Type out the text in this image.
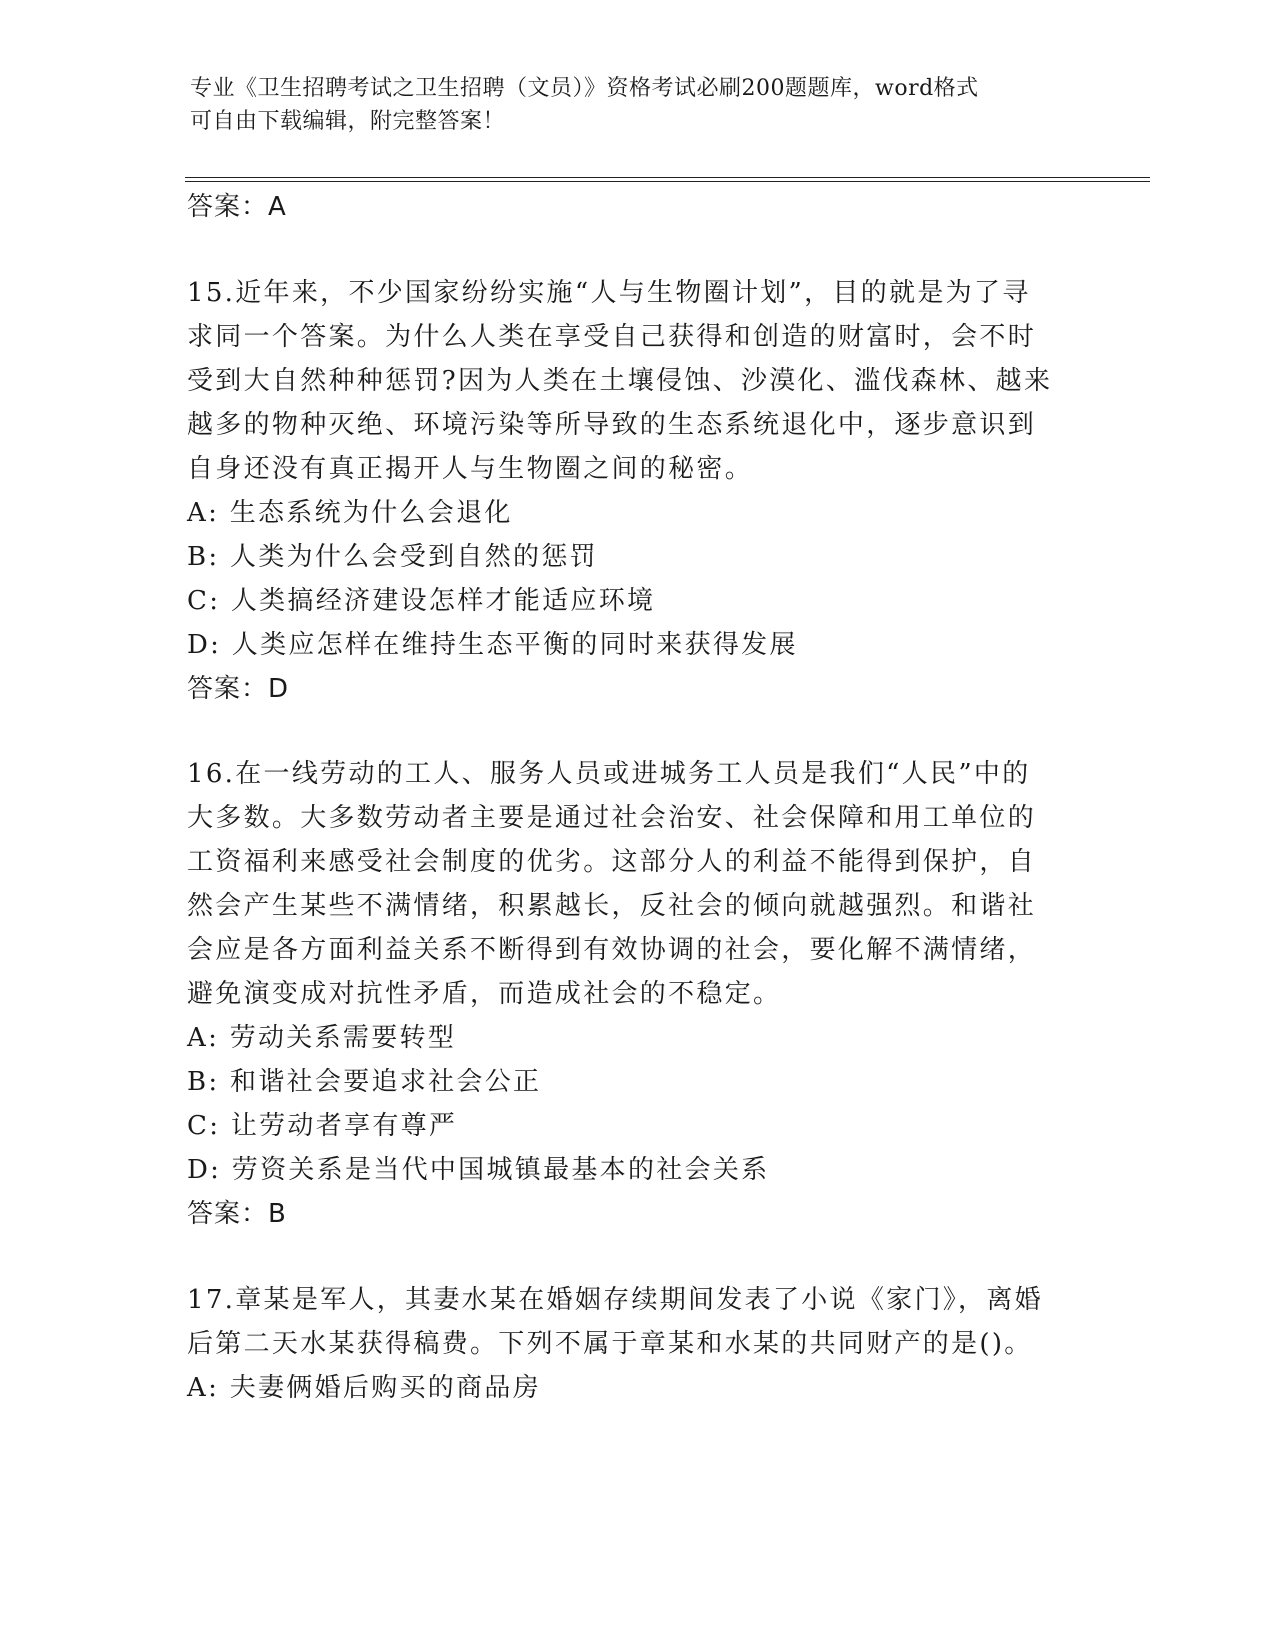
专业《卫生招聘考试之卫生招聘（文员）》资格考试必刷200题题库，word格式
可自由下载编辑，附完整答案！
答案：A
15.近年来，不少国家纷纷实施“人与生物圈计划”，目的就是为了寻
求同一个答案。为什么人类在享受自己获得和创造的财富时，会不时
受到大自然种种惩罚?因为人类在土壤侵蚀、沙漠化、滥伐森林、越来
越多的物种灭绝、环境污染等所导致的生态系统退化中，逐步意识到
自身还没有真正揭开人与生物圈之间的秘密。
A: 生态系统为什么会退化
B: 人类为什么会受到自然的惩罚
C: 人类搞经济建设怎样才能适应环境
D: 人类应怎样在维持生态平衡的同时来获得发展
答案：D
16.在一线劳动的工人、服务人员或进城务工人员是我们“人民”中的
大多数。大多数劳动者主要是通过社会治安、社会保障和用工单位的
工资福利来感受社会制度的优劣。这部分人的利益不能得到保护，自
然会产生某些不满情绪，积累越长，反社会的倾向就越强烈。和谐社
会应是各方面利益关系不断得到有效协调的社会，要化解不满情绪，
避免演变成对抗性矛盾，而造成社会的不稳定。
A: 劳动关系需要转型
B: 和谐社会要追求社会公正
C: 让劳动者享有尊严
D: 劳资关系是当代中国城镇最基本的社会关系
答案：B
17.章某是军人，其妻水某在婚姻存续期间发表了小说《家门》，离婚
后第二天水某获得稿费。下列不属于章某和水某的共同财产的是()。
A: 夫妻俩婚后购买的商品房
